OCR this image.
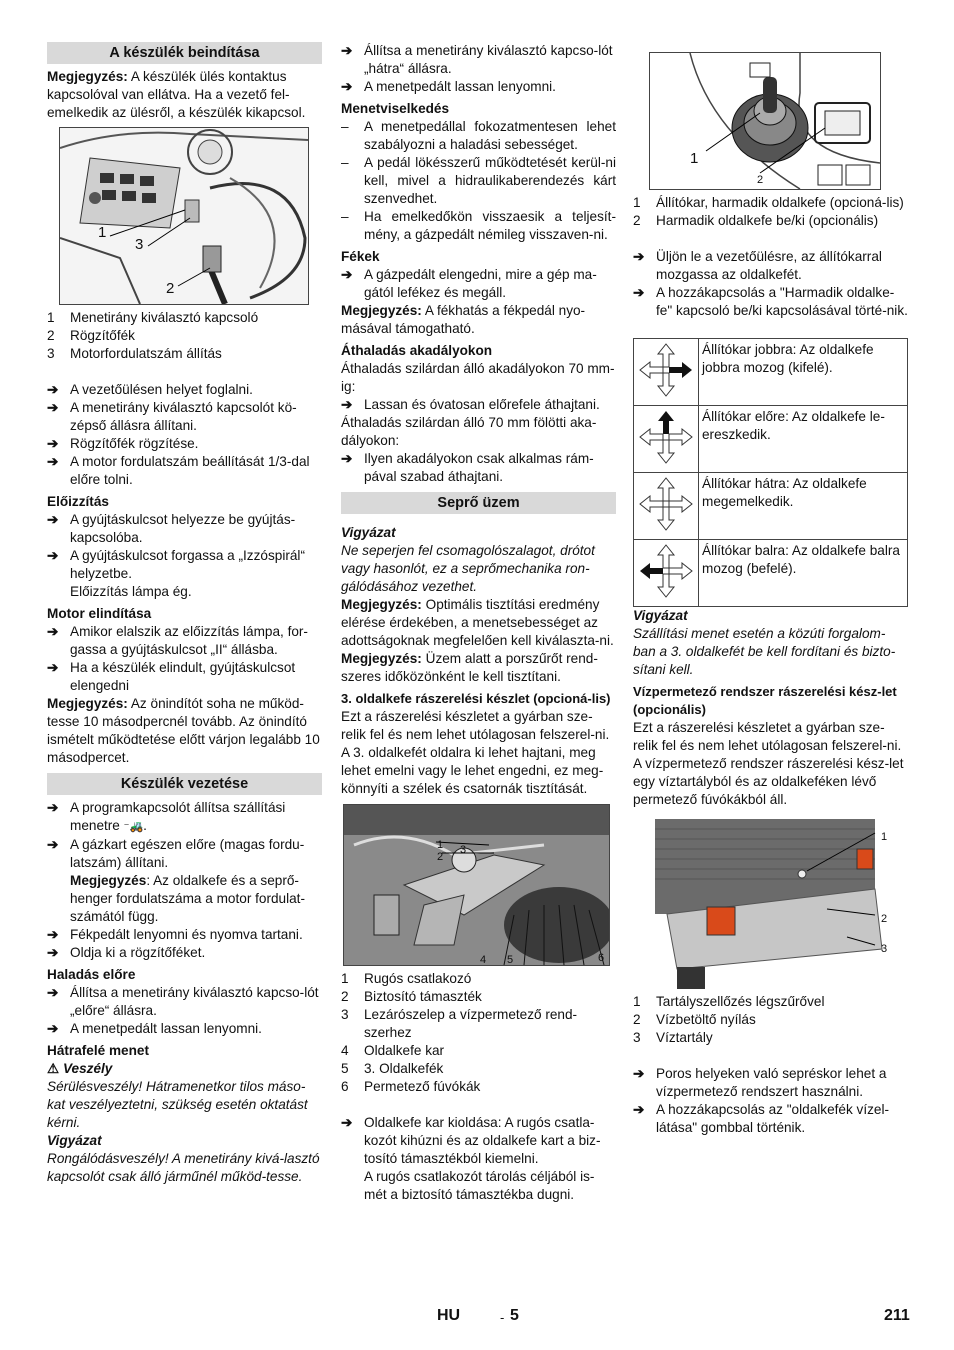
A készülék beindítása
Megjegyzés: A készülék ülés kontaktus kapcsolóval van ellátva. Ha a vezető fel-emelkedik az ülésről, a készülék kikapcsol.
1
3
2
1 Menetirány kiválasztó kapcsoló
2 Rögzítőfék
3 Motorfordulatszám állítás
➔ A vezetőülésen helyet foglalni.
➔ A menetirány kiválasztó kapcsolót kö-zépső állásra állítani.
➔ Rögzítőfék rögzítése.
➔ A motor fordulatszám beállítását 1/3-dal előre tolni.
Előizzítás
➔ A gyújtáskulcsot helyezze be gyújtás-kapcsolóba.
➔ A gyújtáskulcsot forgassa a „Izzóspirál“ helyzetbe.
Előizzítás lámpa ég.
Motor elindítása
➔ Amikor elalszik az előizzítás lámpa, for-gassa a gyújtáskulcsot „II“ állásba.
➔ Ha a készülék elindult, gyújtáskulcsot elengedni
Megjegyzés: Az önindítót soha ne működ-tesse 10 másodpercnél tovább. Az önindító ismételt működtetése előtt várjon legalább 10 másodpercet.
Készülék vezetése
➔ A programkapcsolót állítsa szállítási menetre ⁻🚜.
➔ A gázkart egészen előre (magas fordu-latszám) állítani.
Megjegyzés: Az oldalkefe és a seprő-henger fordulatszáma a motor fordulat-számától függ.
➔ Fékpedált lenyomni és nyomva tartani.
➔ Oldja ki a rögzítőféket.
Haladás előre
➔ Állítsa a menetirány kiválasztó kapcso-lót „előre“ állásra.
➔ A menetpedált lassan lenyomni.
Hátrafelé menet
⚠ Veszély
Sérülésveszély! Hátramenetkor tilos máso-kat veszélyeztetni, szükség esetén oktatást kérni.
Vigyázat
Rongálódásveszély! A menetirány kivá-lasztó kapcsolót csak álló járműnél működ-tesse.
➔ Állítsa a menetirány kiválasztó kapcso-lót „hátra“ állásra.
➔ A menetpedált lassan lenyomni.
Menetviselkedés
– A menetpedállal fokozatmentesen lehet szabályozni a haladási sebességet.
– A pedál lökésszerű működtetését kerül-ni kell, mivel a hidraulikaberendezés kárt szenvedhet.
– Ha emelkedőkön visszaesik a teljesít-mény, a gázpedált némileg visszaven-ni.
Fékek
➔ A gázpedált elengedni, mire a gép ma-gától lefékez és megáll.
Megjegyzés: A fékhatás a fékpedál nyo-másával támogatható.
Áthaladás akadályokon
Áthaladás szilárdan álló akadályokon 70 mm-ig:
➔ Lassan és óvatosan előrefele áthajtani.
Áthaladás szilárdan álló 70 mm fölötti aka-dályokon:
➔ Ilyen akadályokon csak alkalmas rám-pával szabad áthajtani.
Seprő üzem
Vigyázat
Ne seperjen fel csomagolószalagot, drótot vagy hasonlót, ez a seprőmechanika ron-gálódásához vezethet.
Megjegyzés: Optimális tisztítási eredmény elérése érdekében, a menetsebességet az adottságoknak megfelelően kell kiválaszta-ni.
Megjegyzés: Üzem alatt a porszűrőt rend-szeres időközönként le kell tisztítani.
3. oldalkefe rászerelési készlet (opcioná-lis)
Ezt a rászerelési készletet a gyárban sze-relik fel és nem lehet utólagosan felszerel-ni.
A 3. oldalkefét oldalra ki lehet hajtani, meg lehet emelni vagy le lehet engedni, ez meg-könnyíti a szélek és csatornák tisztítását.
1
2
3
4 5	6
1 Rugós csatlakozó
2 Biztosító támaszték
3 Lezárószelep a vízpermetező rend-szerhez
4 Oldalkefe kar
5 3. Oldalkefék
6 Permetező fúvókák
➔ Oldalkefe kar kioldása: A rugós csatla-kozót kihúzni és az oldalkefe kart a biz-tosító támasztékból kiemelni.
A rugós csatlakozót tárolás céljából is-mét a biztosító támasztékba dugni.
1
2
1 Állítókar, harmadik oldalkefe (opcioná-lis)
2 Harmadik oldalkefe be/ki (opcionális)
➔ Üljön le a vezetőülésre, az állítókarral mozgassa az oldalkefét.
➔ A hozzákapcsolás a "Harmadik oldalke-fe" kapcsoló be/ki kapcsolásával törté-nik.
	Állítókar jobbra: Az oldalkefe jobbra mozog (kifelé).
	Állítókar előre: Az oldalkefe le-ereszkedik.
	Állítókar hátra: Az oldalkefe megemelkedik.
	Állítókar balra: Az oldalkefe balra mozog (befelé).
Vigyázat
Szállítási menet esetén a közúti forgalom-ban a 3. oldalkefét be kell fordítani és bizto-sítani kell.
Vízpermetező rendszer rászerelési kész-let (opcionális)
Ezt a rászerelési készletet a gyárban sze-relik fel és nem lehet utólagosan felszerel-ni.
A vízpermetező rendszer rászerelési kész-let egy víztartályból és az oldalkeféken lévő permetező fúvókákból áll.
1
2
3
1 Tartályszellőzés légszűrővel
2 Vízbetöltő nyílás
3 Víztartály
➔ Poros helyeken való sepréskor lehet a vízpermetező rendszert használni.
➔ A hozzákapcsolás az "oldalkefék vízel-látása" gombbal történik.
HU	- 5	211
